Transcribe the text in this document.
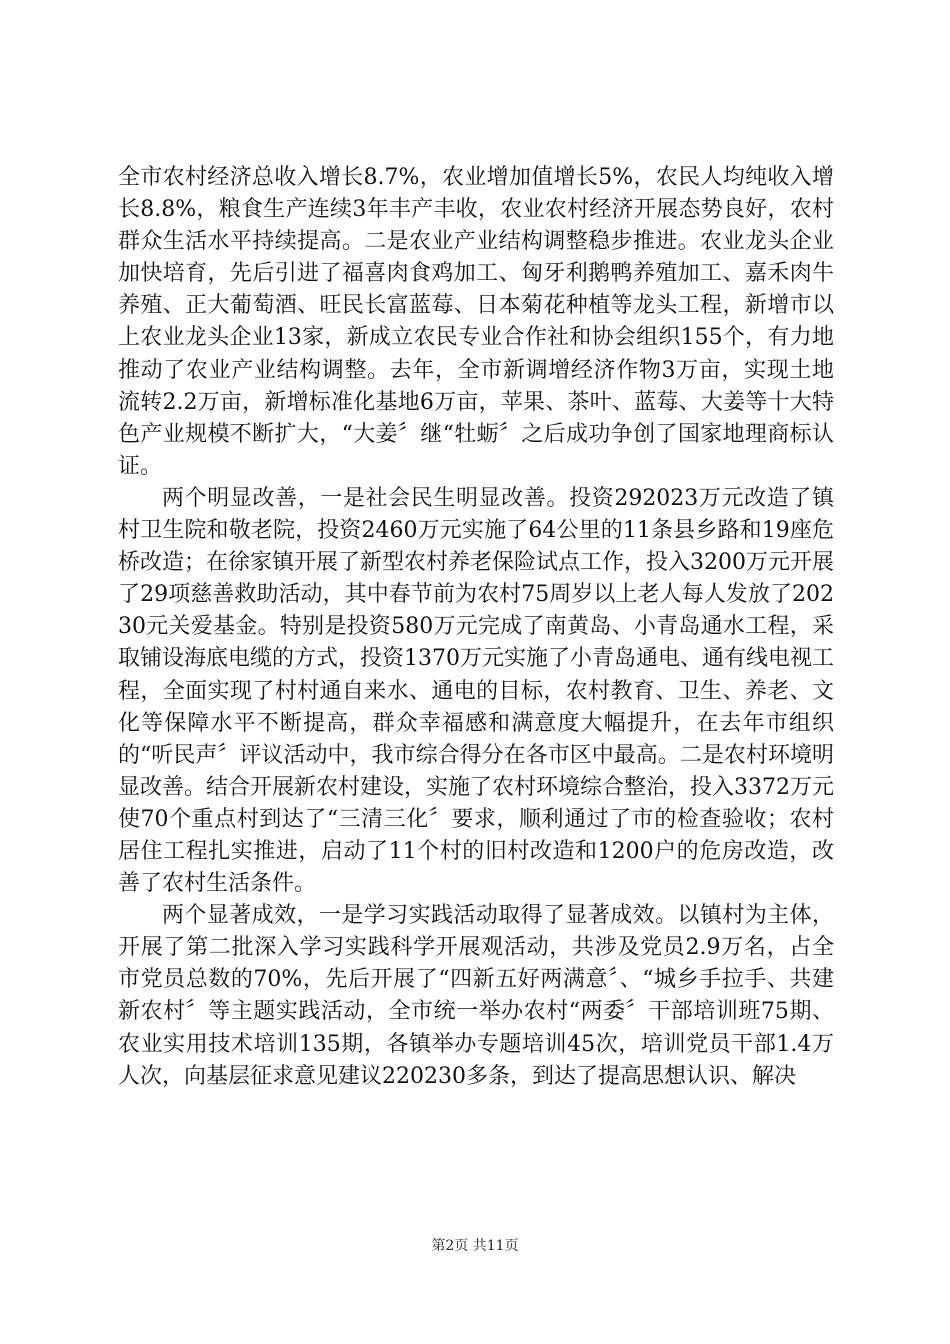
全市农村经济总收入增长8.7%，农业增加值增长5%，农民人均纯收入增长8.8%，粮食生产连续3年丰产丰收，农业农村经济开展态势良好，农村群众生活水平持续提高。二是农业产业结构调整稳步推进。农业龙头企业加快培育，先后引进了福喜肉食鸡加工、匈牙利鹅鸭养殖加工、嘉禾肉牛养殖、正大葡萄酒、旺民长富蓝莓、日本菊花种植等龙头工程，新增市以上农业龙头企业13家，新成立农民专业合作社和协会组织155个，有力地推动了农业产业结构调整。去年，全市新调增经济作物3万亩，实现土地流转2.2万亩，新增标准化基地6万亩，苹果、茶叶、蓝莓、大姜等十大特色产业规模不断扩大，“大姜〞继“牡蛎〞之后成功争创了国家地理商标认证。

两个明显改善，一是社会民生明显改善。投资292023万元改造了镇村卫生院和敬老院，投资2460万元实施了64公里的11条县乡路和19座危桥改造；在徐家镇开展了新型农村养老保险试点工作，投入3200万元开展了29项慈善救助活动，其中春节前为农村75周岁以上老人每人发放了20230元关爱基金。特别是投资580万元完成了南黄岛、小青岛通水工程，采取铺设海底电缆的方式，投资1370万元实施了小青岛通电、通有线电视工程，全面实现了村村通自来水、通电的目标，农村教育、卫生、养老、文化等保障水平不断提高，群众幸福感和满意度大幅提升，在去年市组织的“听民声〞评议活动中，我市综合得分在各市区中最高。二是农村环境明显改善。结合开展新农村建设，实施了农村环境综合整治，投入3372万元使70个重点村到达了“三清三化〞要求，顺利通过了市的检查验收；农村居住工程扎实推进，启动了11个村的旧村改造和1200户的危房改造，改善了农村生活条件。

两个显著成效，一是学习实践活动取得了显著成效。以镇村为主体，开展了第二批深入学习实践科学开展观活动，共涉及党员2.9万名，占全市党员总数的70%，先后开展了“四新五好两满意〞、“城乡手拉手、共建新农村〞等主题实践活动，全市统一举办农村“两委〞干部培训班75期、农业实用技术培训135期，各镇举办专题培训45次，培训党员干部1.4万人次，向基层征求意见建议220230多条，到达了提高思想认识、解决

第2页 共11页
